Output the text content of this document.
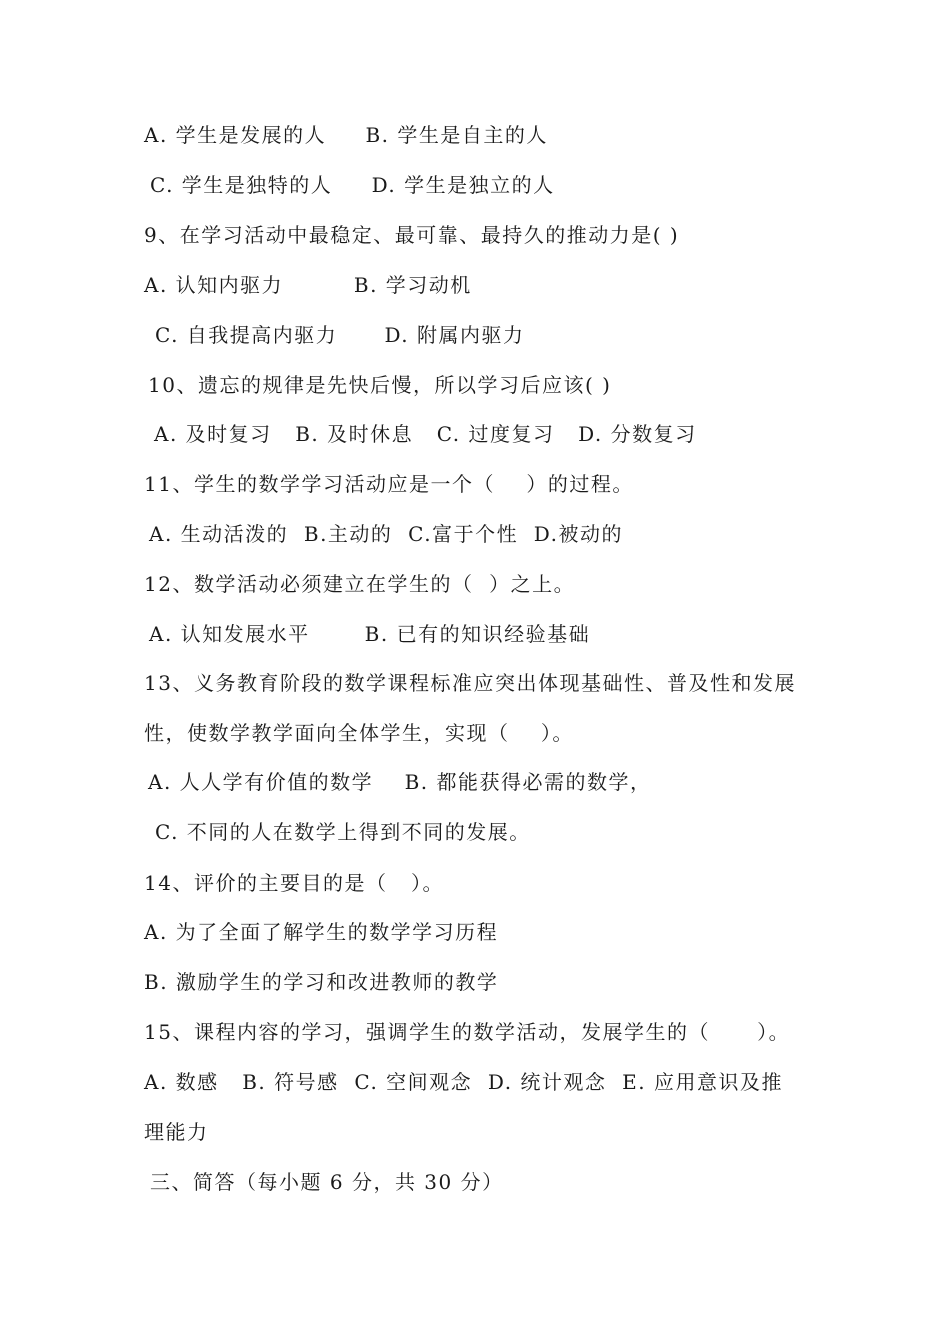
A. 学生是发展的人     B. 学生是自主的人
C. 学生是独特的人     D. 学生是独立的人
9、在学习活动中最稳定、最可靠、最持久的推动力是( )
A. 认知内驱力         B. 学习动机
C. 自我提高内驱力      D. 附属内驱力
10、遗忘的规律是先快后慢，所以学习后应该( )
A. 及时复习   B. 及时休息   C. 过度复习   D. 分数复习
11、学生的数学学习活动应是一个（    ）的过程。
A. 生动活泼的  B.主动的  C.富于个性  D.被动的
12、数学活动必须建立在学生的（  ）之上。
A. 认知发展水平       B. 已有的知识经验基础
13、义务教育阶段的数学课程标准应突出体现基础性、普及性和发展
性，使数学教学面向全体学生，实现（    ）。
A. 人人学有价值的数学    B. 都能获得必需的数学，
C. 不同的人在数学上得到不同的发展。
14、评价的主要目的是（   ）。
A. 为了全面了解学生的数学学习历程
B. 激励学生的学习和改进教师的教学
15、课程内容的学习，强调学生的数学活动，发展学生的（      ）。
A. 数感   B. 符号感  C. 空间观念  D. 统计观念  E. 应用意识及推
理能力
三、简答（每小题 6 分，共 30 分）
